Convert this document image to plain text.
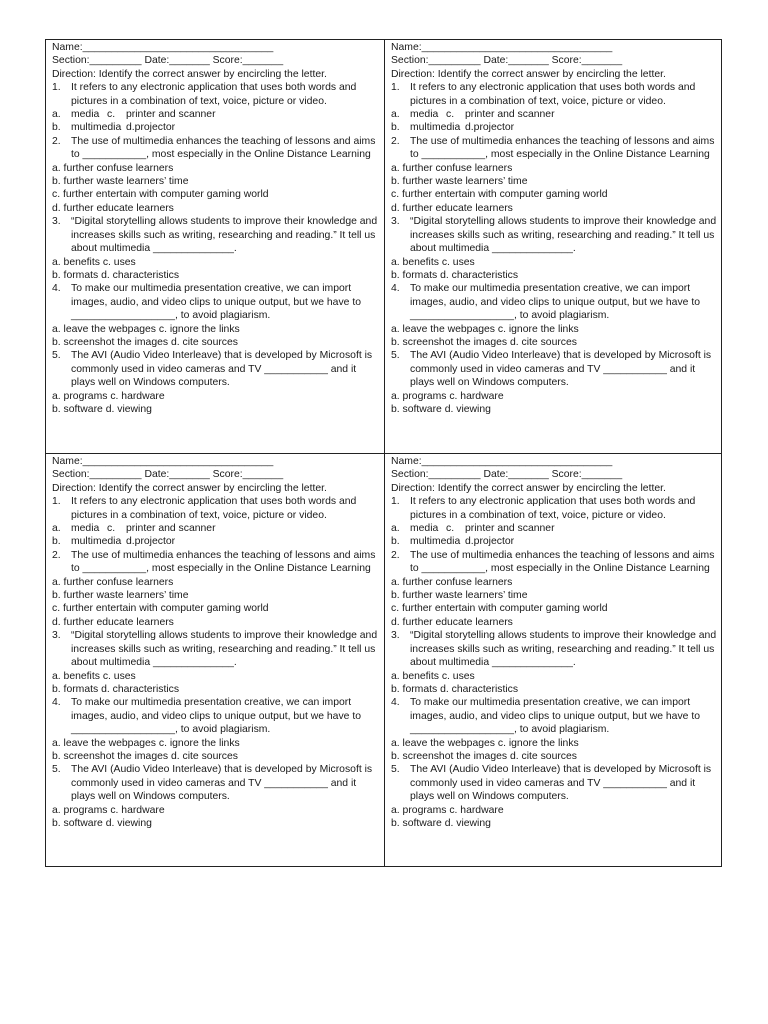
Name:_________________________________
Section:_________ Date:_______ Score:_______
Direction: Identify the correct answer by encircling the letter.
1. It refers to any electronic application that uses both words and pictures in a combination of text, voice, picture or video.
a. media c.	printer and scanner
b. multimedia d.projector
2. The use of multimedia enhances the teaching of lessons and aims to ___________, most especially in the Online Distance Learning
a. further confuse learners
b. further waste learners’ time
c. further entertain with computer gaming world
d. further educate learners
3. “Digital storytelling allows students to improve their knowledge and increases skills such as writing, researching and reading.” It tell us about multimedia ______________.
a. benefits c. uses
b. formats d. characteristics
4. To make our multimedia presentation creative, we can import images, audio, and video clips to unique output, but we have to __________________, to avoid plagiarism.
a. leave the webpages c. ignore the links
b. screenshot the images d. cite sources
5. The AVI (Audio Video Interleave) that is developed by Microsoft is commonly used in video cameras and TV ___________ and it plays well on Windows computers.
a. programs c. hardware
b. software d. viewing
Name:_________________________________
Section:_________ Date:_______ Score:_______
Direction: Identify the correct answer by encircling the letter.
1. It refers to any electronic application that uses both words and pictures in a combination of text, voice, picture or video.
a. media c.	printer and scanner
b. multimedia d.projector
2. The use of multimedia enhances the teaching of lessons and aims to ___________, most especially in the Online Distance Learning
a. further confuse learners
b. further waste learners’ time
c. further entertain with computer gaming world
d. further educate learners
3. “Digital storytelling allows students to improve their knowledge and increases skills such as writing, researching and reading.” It tell us about multimedia ______________.
a. benefits c. uses
b. formats d. characteristics
4. To make our multimedia presentation creative, we can import images, audio, and video clips to unique output, but we have to __________________, to avoid plagiarism.
a. leave the webpages c. ignore the links
b. screenshot the images d. cite sources
5. The AVI (Audio Video Interleave) that is developed by Microsoft is commonly used in video cameras and TV ___________ and it plays well on Windows computers.
a. programs c. hardware
b. software d. viewing
Name:_________________________________
Section:_________ Date:_______ Score:_______
Direction: Identify the correct answer by encircling the letter.
1. It refers to any electronic application that uses both words and pictures in a combination of text, voice, picture or video.
a. media c.	printer and scanner
b. multimedia d.projector
2. The use of multimedia enhances the teaching of lessons and aims to ___________, most especially in the Online Distance Learning
a. further confuse learners
b. further waste learners’ time
c. further entertain with computer gaming world
d. further educate learners
3. “Digital storytelling allows students to improve their knowledge and increases skills such as writing, researching and reading.” It tell us about multimedia ______________.
a. benefits c. uses
b. formats d. characteristics
4. To make our multimedia presentation creative, we can import images, audio, and video clips to unique output, but we have to __________________, to avoid plagiarism.
a. leave the webpages c. ignore the links
b. screenshot the images d. cite sources
5. The AVI (Audio Video Interleave) that is developed by Microsoft is commonly used in video cameras and TV ___________ and it plays well on Windows computers.
a. programs c. hardware
b. software d. viewing
Name:_________________________________
Section:_________ Date:_______ Score:_______
Direction: Identify the correct answer by encircling the letter.
1. It refers to any electronic application that uses both words and pictures in a combination of text, voice, picture or video.
a. media c.	printer and scanner
b. multimedia d.projector
2. The use of multimedia enhances the teaching of lessons and aims to ___________, most especially in the Online Distance Learning
a. further confuse learners
b. further waste learners’ time
c. further entertain with computer gaming world
d. further educate learners
3. “Digital storytelling allows students to improve their knowledge and increases skills such as writing, researching and reading.” It tell us about multimedia ______________.
a. benefits c. uses
b. formats d. characteristics
4. To make our multimedia presentation creative, we can import images, audio, and video clips to unique output, but we have to __________________, to avoid plagiarism.
a. leave the webpages c. ignore the links
b. screenshot the images d. cite sources
5. The AVI (Audio Video Interleave) that is developed by Microsoft is commonly used in video cameras and TV ___________ and it plays well on Windows computers.
a. programs c. hardware
b. software d. viewing
